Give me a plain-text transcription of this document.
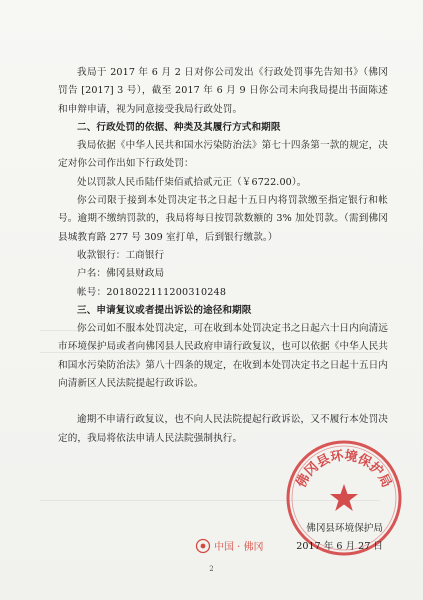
我局于 2017 年 6 月 2 日对你公司发出《行政处罚事先告知书》（佛冈罚告 [2017] 3 号），截至 2017 年 6 月 9 日你公司未向我局提出书面陈述和申辩申请，视为同意接受我局行政处罚。

二、行政处罚的依据、种类及其履行方式和期限

我局依据《中华人民共和国水污染防治法》第七十四条第一款的规定，决定对你公司作出如下行政处罚：

处以罚款人民币陆仟柒佰贰拾贰元正（￥6722.00）。

你公司限于接到本处罚决定书之日起十五日内将罚款缴至指定银行和帐号。逾期不缴纳罚款的，我局将每日按罚款数额的 3% 加处罚款。（需到佛冈县城教育路 277 号 309 室打单，后到银行缴款。）

收款银行：工商银行

户名：佛冈县财政局

帐号：2018022111200310248

三、申请复议或者提出诉讼的途径和期限

你公司如不服本处罚决定，可在收到本处罚决定书之日起六十日内向清远市环境保护局或者向佛冈县人民政府申请行政复议，也可以依据《中华人民共和国水污染防治法》第八十四条的规定，在收到本处罚决定书之日起十五日内向清新区人民法院提起行政诉讼。

逾期不申请行政复议，也不向人民法院提起行政诉讼，又不履行本处罚决定的，我局将依法申请人民法院强制执行。

佛冈县环境保护局
中国 · 佛冈
佛冈县环境保护局
2017 年 6 月 27 日
2
